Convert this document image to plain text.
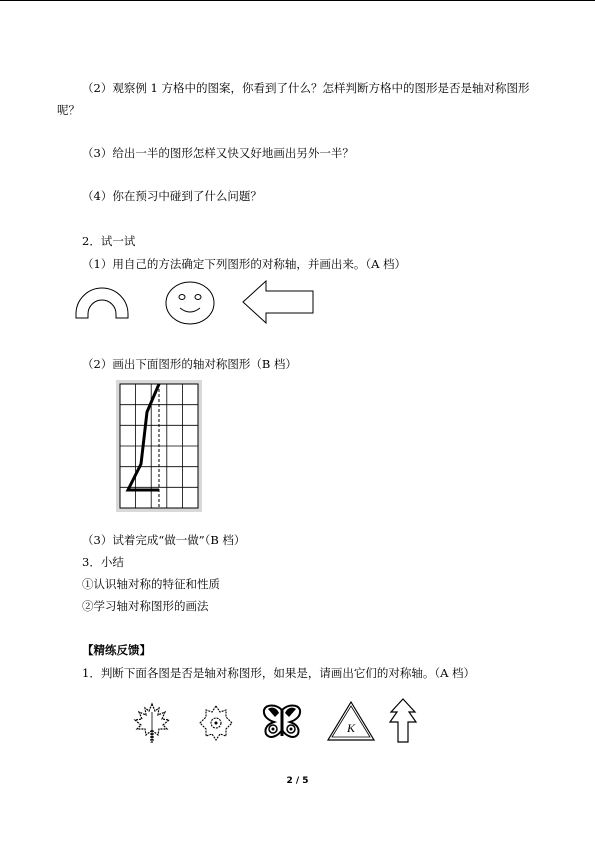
（2）观察例 1 方格中的图案，你看到了什么？怎样判断方格中的图形是否是轴对称图形
呢？
（3）给出一半的图形怎样又快又好地画出另外一半？
（4）你在预习中碰到了什么问题？
2．试一试
（1）用自己的方法确定下列图形的对称轴，并画出来。（A 档）
（2）画出下面图形的轴对称图形（B 档）
（3）试着完成“做一做”（B 档）
3．小结
①认识轴对称的特征和性质
②学习轴对称图形的画法
【精练反馈】
1．判断下面各图是否是轴对称图形，如果是，请画出它们的对称轴。（A 档）
K
2 / 5
